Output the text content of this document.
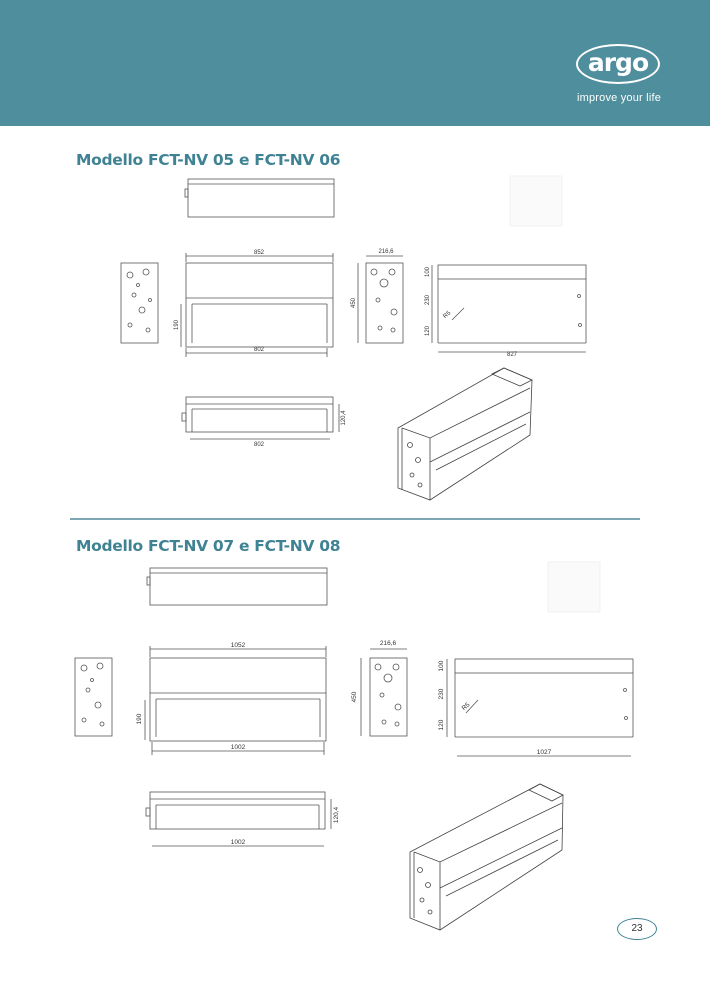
argo
improve your life
Modello FCT-NV 05 e FCT-NV 06
Modello FCT-NV 07 e FCT-NV 08
852
802
190
216,6
450
100
230
120
R5
827
120,4
802
1052
1002
190
216,6
450
100
230
120
R5
1027
120,4
1002
23
